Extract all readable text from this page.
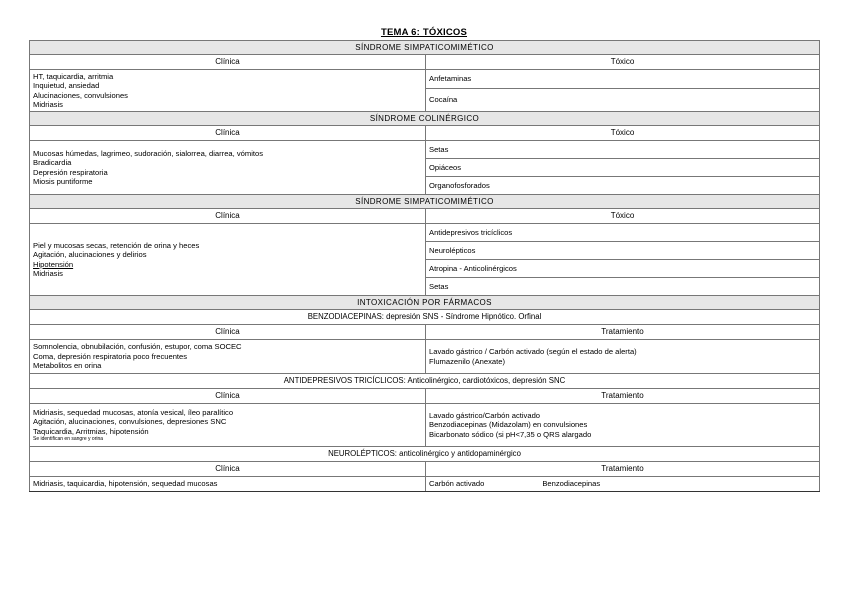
TEMA 6: TÓXICOS
SÍNDROME SIMPATICOMIMÉTICO	
Clínica	Tóxico

HT, taquicardia, arritmia
Inquietud, ansiedad
Alucinaciones, convulsiones
Midriasis	Anfetaminas
	Cocaína
SÍNDROME COLINÉRGICO	
Clínica	Tóxico

Mucosas húmedas, lagrimeo, sudoración, sialorrea, diarrea, vómitos
Bradicardia
Depresión respiratoria
Miosis puntiforme	Setas
	Opiáceos
	Organofosforados
SÍNDROME SIMPATICOMIMÉTICO	
Clínica	Tóxico

Piel y mucosas secas, retención de orina y heces
Agitación, alucinaciones y delirios
Hipotensión
Midriasis	Antidepresivos tricíclicos
	Neurolépticos
	Atropina - Anticolinérgicos
	Setas
INTOXICACIÓN POR FÁRMACOS	
BENZODIACEPINAS: depresión SNS - Síndrome Hipnótico. Orfinal	
Clínica	Tratamiento

Somnolencia, obnubilación, confusión, estupor, coma SOCEC
Coma, depresión respiratoria poco frecuentes
Metabolitos en orina	Lavado gástrico / Carbón activado (según el estado de alerta)
Flumazenilo (Anexate)

ANTIDEPRESIVOS TRICÍCLICOS: Anticolinérgico, cardiotóxicos, depresión SNC	
Clínica	Tratamiento

Midriasis, sequedad mucosas, atonía vesical, íleo paralítico
Agitación, alucinaciones, convulsiones, depresiones SNC
Taquicardia, Arritmias, hipotensión
Se identifican en sangre y orina	Lavado gástrico/Carbón activado
Benzodiacepinas (Midazolam) en convulsiones
Bicarbonato sódico (si pH<7,35 o QRS alargado

NEUROLÉPTICOS: anticolinérgico y antidopaminérgico	
Clínica	Tratamiento
Midriasis, taquicardia, hipotensión, sequedad mucosas	Carbón activado Benzodiacepinas
